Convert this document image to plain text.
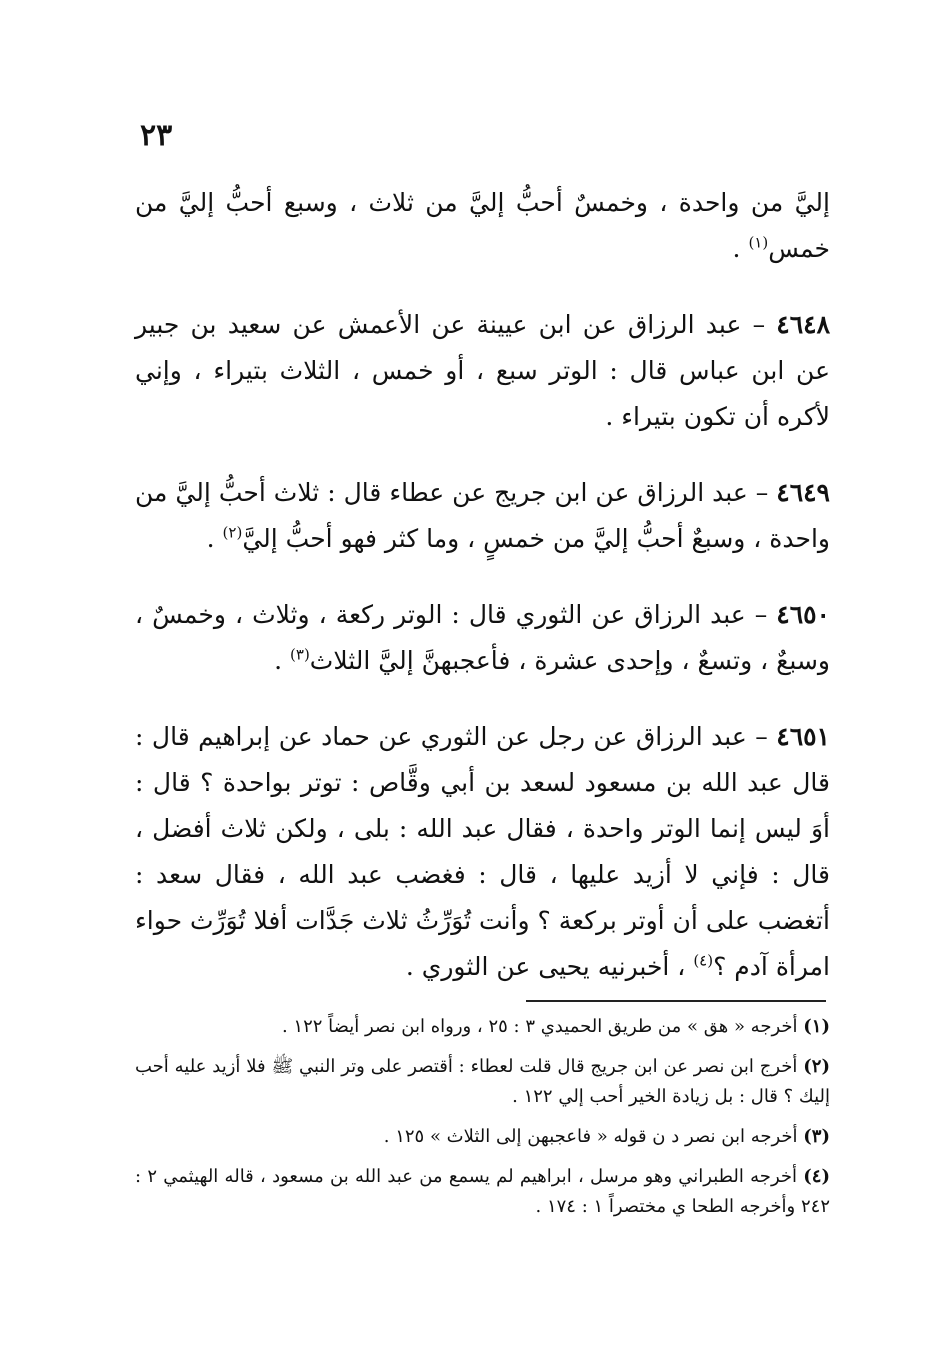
٢٣

إليَّ من واحدة ، وخمسٌ أحبُّ إليَّ من ثلاث ، وسبع أحبُّ إليَّ من خمس$^{(١)}$ .

٤٦٤٨ – عبد الرزاق عن ابن عيينة عن الأعمش عن سعيد بن جبير عن ابن عباس قال : الوتر سبع ، أو خمس ، الثلاث بتيراء ، وإني لأكره أن تكون بتيراء .

٤٦٤٩ – عبد الرزاق عن ابن جريج عن عطاء قال : ثلاث أحبُّ إليَّ من واحدة ، وسبعٌ أحبُّ إليَّ من خمسٍ ، وما كثر فهو أحبُّ إليَّ$^{(٢)}$ .

٤٦٥٠ – عبد الرزاق عن الثوري قال : الوتر ركعة ، وثلاث ، وخمسٌ ، وسبعٌ ، وتسعٌ ، وإحدى عشرة ، فأعجبهنَّ إليَّ الثلاث$^{(٣)}$ .

٤٦٥١ – عبد الرزاق عن رجل عن الثوري عن حماد عن إبراهيم قال : قال عبد الله بن مسعود لسعد بن أبي وقَّاص : توتر بواحدة ؟ قال : أوَ ليس إنما الوتر واحدة ، فقال عبد الله : بلى ، ولكن ثلاث أفضل ، قال : فإني لا أزيد عليها ، قال : فغضب عبد الله ، فقال سعد : أتغضب على أن أوتر بركعة ؟ وأنت تُوَرِّثُ ثلاث جَدَّات أفلا تُوَرِّث حواء امرأة آدم ؟$^{(٤)}$ ، أخبرنيه يحيى عن الثوري .

(١) أخرجه « هق » من طريق الحميدي ٣ : ٢٥ ، ورواه ابن نصر أيضاً ١٢٢ .

(٢) أخرج ابن نصر عن ابن جريج قال قلت لعطاء : أقتصر على وتر النبي ﷺ فلا أزيد عليه أحب إليك ؟ قال : بل زيادة الخير أحب إلي ١٢٢ .

(٣) أخرجه ابن نصر د ن قوله « فاعجبهن إلى الثلاث » ١٢٥ .

(٤) أخرجه الطبراني وهو مرسل ، ابراهيم لم يسمع من عبد الله بن مسعود ، قاله الهيثمي ٢ : ٢٤٢ وأخرجه الطحا ي مختصراً ١ : ١٧٤ .
